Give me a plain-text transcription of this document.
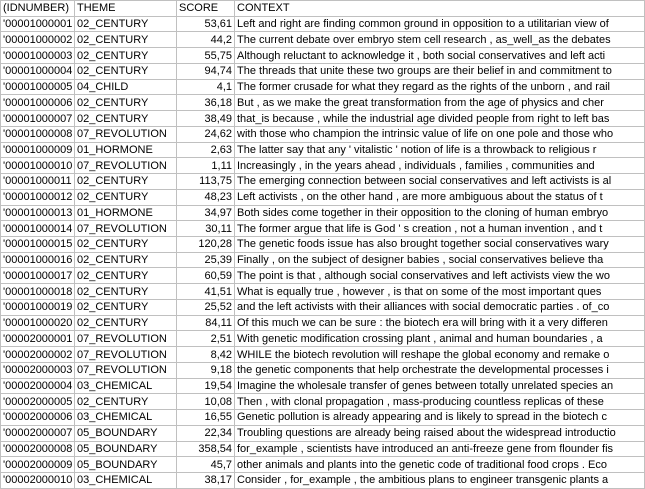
(IDNUMBER)	THEME	SCORE	CONTEXT
'00001000001	02_CENTURY	53,61	Left and right are finding common ground in opposition to a utilitarian view of
'00001000002	02_CENTURY	44,2	The current debate over embryo stem cell research , as_well_as the debates
'00001000003	02_CENTURY	55,75	Although reluctant to acknowledge it , both social conservatives and left acti
'00001000004	02_CENTURY	94,74	The threads that unite these two groups are their belief in and commitment to
'00001000005	04_CHILD	4,1	The former crusade for what they regard as the rights of the unborn , and rail
'00001000006	02_CENTURY	36,18	But , as we make the great transformation from the age of physics and cher
'00001000007	02_CENTURY	38,49	that_is because , while the industrial age divided people from right to left bas
'00001000008	07_REVOLUTION	24,62	with those who champion the intrinsic value of life on one pole and those who
'00001000009	01_HORMONE	2,63	The latter say that any ' vitalistic ' notion of life is a throwback to religious r
'00001000010	07_REVOLUTION	1,11	Increasingly , in the years ahead , individuals , families , communities and
'00001000011	02_CENTURY	113,75	The emerging connection between social conservatives and left activists is al
'00001000012	02_CENTURY	48,23	Left activists , on the other hand , are more ambiguous about the status of t
'00001000013	01_HORMONE	34,97	Both sides come together in their opposition to the cloning of human embryo
'00001000014	07_REVOLUTION	30,11	The former argue that life is God ' s creation , not a human invention , and t
'00001000015	02_CENTURY	120,28	The genetic foods issue has also brought together social conservatives wary
'00001000016	02_CENTURY	25,39	Finally , on the subject of designer babies , social conservatives believe tha
'00001000017	02_CENTURY	60,59	The point is that , although social conservatives and left activists view the wo
'00001000018	02_CENTURY	41,51	What is equally true , however , is that on some of the most important ques
'00001000019	02_CENTURY	25,52	and the left activists with their alliances with social democratic parties . of_co
'00001000020	02_CENTURY	84,11	Of this much we can be sure : the biotech era will bring with it a very differen
'00002000001	07_REVOLUTION	2,51	With genetic modification crossing plant , animal and human boundaries , a
'00002000002	07_REVOLUTION	8,42	WHILE the biotech revolution will reshape the global economy and remake o
'00002000003	07_REVOLUTION	9,18	the genetic components that help orchestrate the developmental processes i
'00002000004	03_CHEMICAL	19,54	Imagine the wholesale transfer of genes between totally unrelated species an
'00002000005	02_CENTURY	10,08	Then , with clonal propagation , mass-producing countless replicas of these
'00002000006	03_CHEMICAL	16,55	Genetic pollution is already appearing and is likely to spread in the biotech c
'00002000007	05_BOUNDARY	22,34	Troubling questions are already being raised about the widespread introductio
'00002000008	05_BOUNDARY	358,54	for_example , scientists have introduced an anti-freeze gene from flounder fis
'00002000009	05_BOUNDARY	45,7	other animals and plants into the genetic code of traditional food crops . Eco
'00002000010	03_CHEMICAL	38,17	Consider , for_example , the ambitious plans to engineer transgenic plants a
